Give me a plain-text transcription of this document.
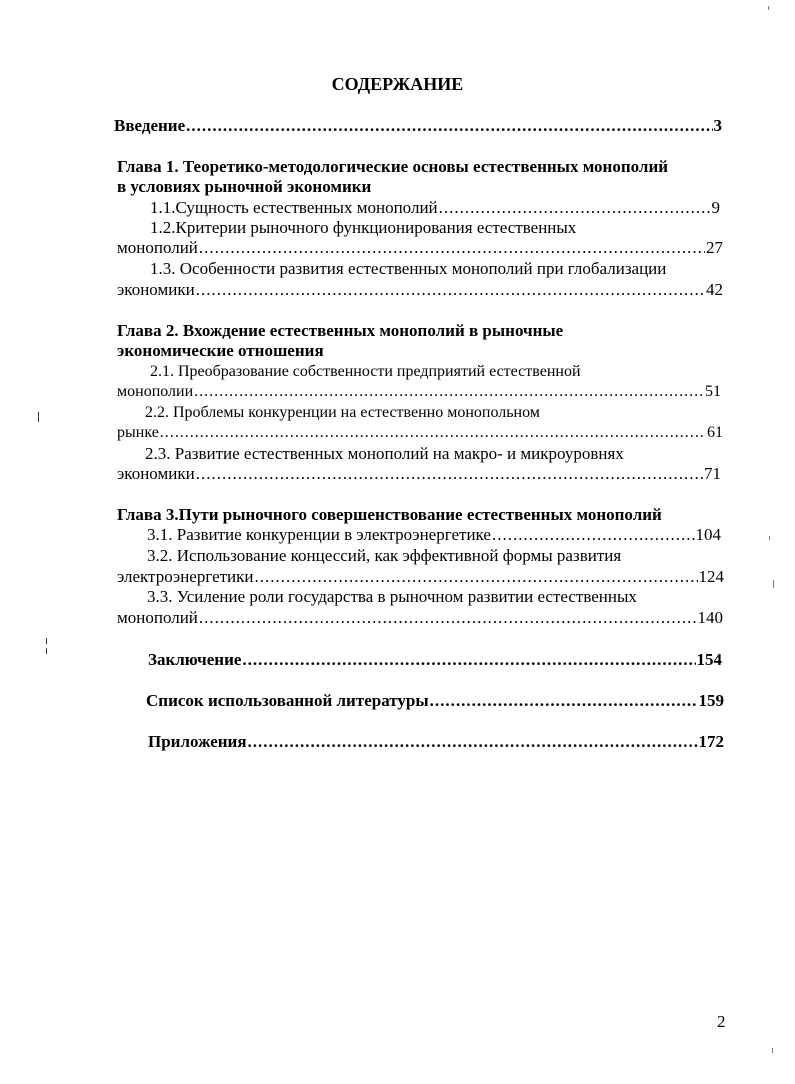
СОДЕРЖАНИЕ
Введение .....	3
Глава 1. Теоретико-методологические основы естественных монополий
в условиях рыночной экономики
1.1.Сущность естественных монополий .....	9
1.2.Критерии рыночного функционирования естественных
монополий .....	27
1.3. Особенности развития естественных монополий при глобализации
экономики .....	42
Глава 2. Вхождение естественных монополий в рыночные
экономические отношения
2.1. Преобразование собственности предприятий естественной
монополии .....	51
2.2. Проблемы конкуренции на естественно монопольном
рынке .....	61
2.3. Развитие естественных монополий на макро- и микроуровнях
экономики .....	71
Глава 3.Пути рыночного совершенствование естественных монополий
3.1. Развитие конкуренции в электроэнергетике .....	104
3.2. Использование концессий, как эффективной формы развития
электроэнергетики .....	124
3.3. Усиление роли государства в рыночном развитии естественных
монополий .....	140
Заключение .....	154
Список использованной литературы .....	159
Приложения .....	172
2
